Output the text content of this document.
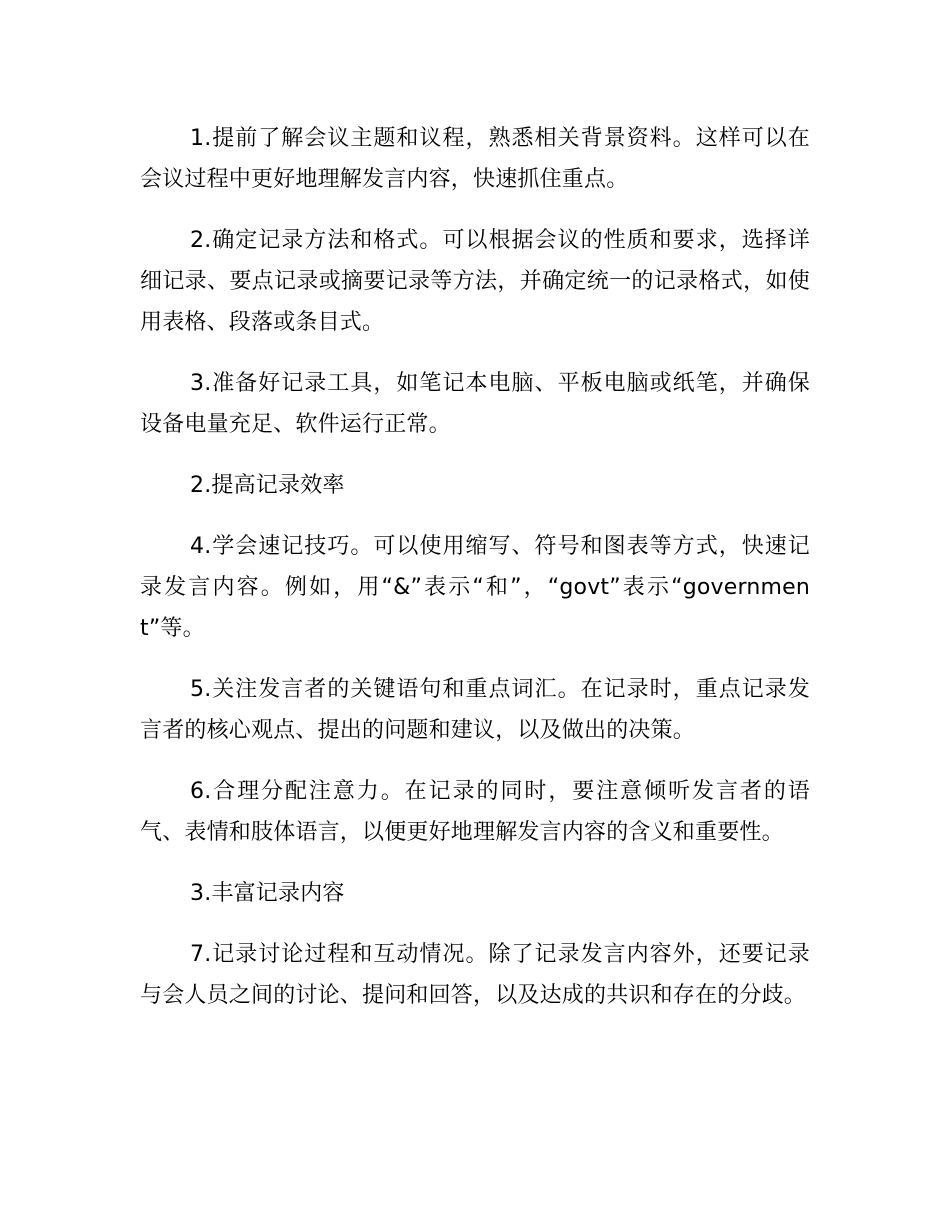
1.提前了解会议主题和议程，熟悉相关背景资料。这样可以在会议过程中更好地理解发言内容，快速抓住重点。

2.确定记录方法和格式。可以根据会议的性质和要求，选择详细记录、要点记录或摘要记录等方法，并确定统一的记录格式，如使用表格、段落或条目式。

3.准备好记录工具，如笔记本电脑、平板电脑或纸笔，并确保设备电量充足、软件运行正常。

2.提高记录效率

4.学会速记技巧。可以使用缩写、符号和图表等方式，快速记录发言内容。例如，用“&”表示“和”，“govt”表示“government”等。

5.关注发言者的关键语句和重点词汇。在记录时，重点记录发言者的核心观点、提出的问题和建议，以及做出的决策。

6.合理分配注意力。在记录的同时，要注意倾听发言者的语气、表情和肢体语言，以便更好地理解发言内容的含义和重要性。

3.丰富记录内容

7.记录讨论过程和互动情况。除了记录发言内容外，还要记录与会人员之间的讨论、提问和回答，以及达成的共识和存在的分歧。
